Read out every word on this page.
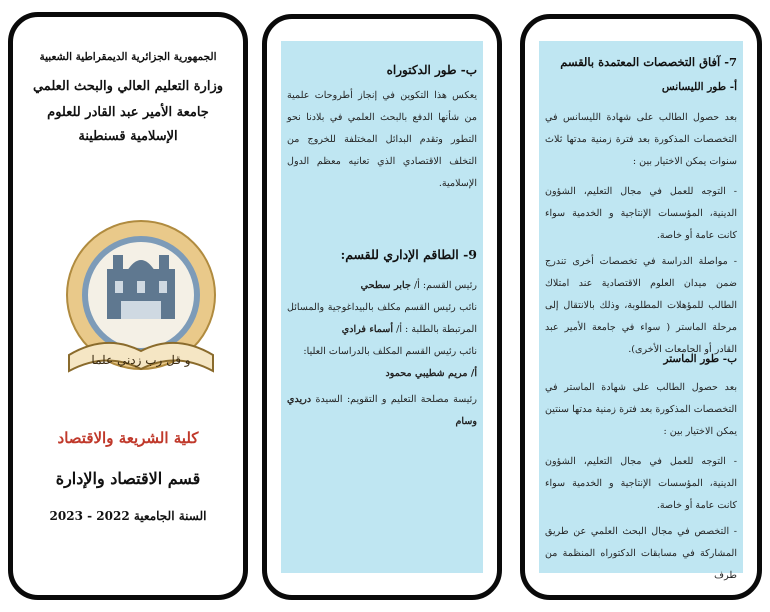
الجمهورية الجزائرية الديمقراطية الشعبية
وزارة التعليم العالي والبحث العلمي
جامعة الأمير عبد القادر للعلوم الإسلامية قسنطينة
و قل رب زدني علما
كلية الشريعة والاقتصاد
قسم الاقتصاد والإدارة
السنة الجامعية 2022 - 2023
ب- طور الدكتوراه
يعكس هذا التكوين في إنجاز أطروحات علمية من شأنها الدفع بالبحث العلمي في بلادنا نحو التطور وتقدم البدائل المختلفة للخروج من التخلف الاقتصادي الذي تعانيه معظم الدول الإسلامية.
9- الطاقم الإداري للقسم:
رئيس القسم: أ/ جابر سطحي
نائب رئيس القسم مكلف بالبيداغوجية والمسائل المرتبطة بالطلبة : أ/ أسماء فرادي
نائب رئيس القسم المكلف بالدراسات العليا:
أ/ مريم شطيبي محمود
رئيسة مصلحة التعليم و التقويم: السيدة دريدي وسام
7- آفاق التخصصات المعتمدة بالقسم
أ- طور الليسانس
بعد حصول الطالب على شهادة الليسانس في التخصصات المذكورة بعد فترة زمنية مدتها ثلاث سنوات يمكن الاختيار بين :
- التوجه للعمل في مجال التعليم، الشؤون الدينية، المؤسسات الإنتاجية و الخدمية سواء كانت عامة أو خاصة.
- مواصلة الدراسة في تخصصات أخرى تندرج ضمن ميدان العلوم الاقتصادية عند امتلاك الطالب للمؤهلات المطلوبة، وذلك بالانتقال إلى مرحلة الماستر ( سواء في جامعة الأمير عبد القادر أو الجامعات الأخرى).
ب- طور الماستر
بعد حصول الطالب على شهادة الماستر في التخصصات المذكورة بعد فترة زمنية مدتها سنتين يمكن الاختيار بين :
- التوجه للعمل في مجال التعليم، الشؤون الدينية، المؤسسات الإنتاجية و الخدمية سواء كانت عامة أو خاصة.
- التخصص في مجال البحث العلمي عن طريق المشاركة في مسابقات الدكتوراه المنظمة من طرف
